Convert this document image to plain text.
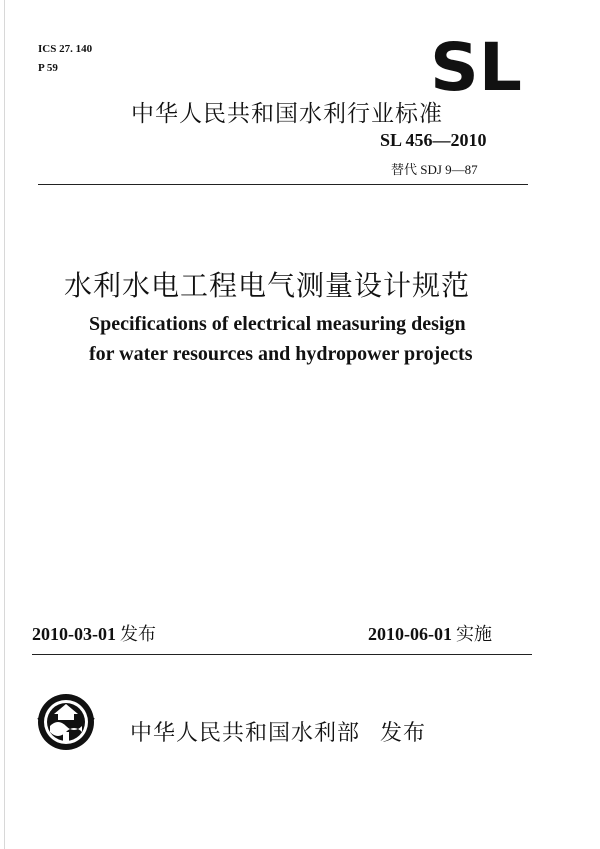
ICS 27. 140
P 59	SL
中华人民共和国水利行业标准
SL 456—2010
替代 SDJ 9—87
水利水电工程电气测量设计规范
Specifications of electrical measuring design
for water resources and hydropower projects
2010-03-01 发布	2010-06-01 实施
中华人民共和国水利部 发布
